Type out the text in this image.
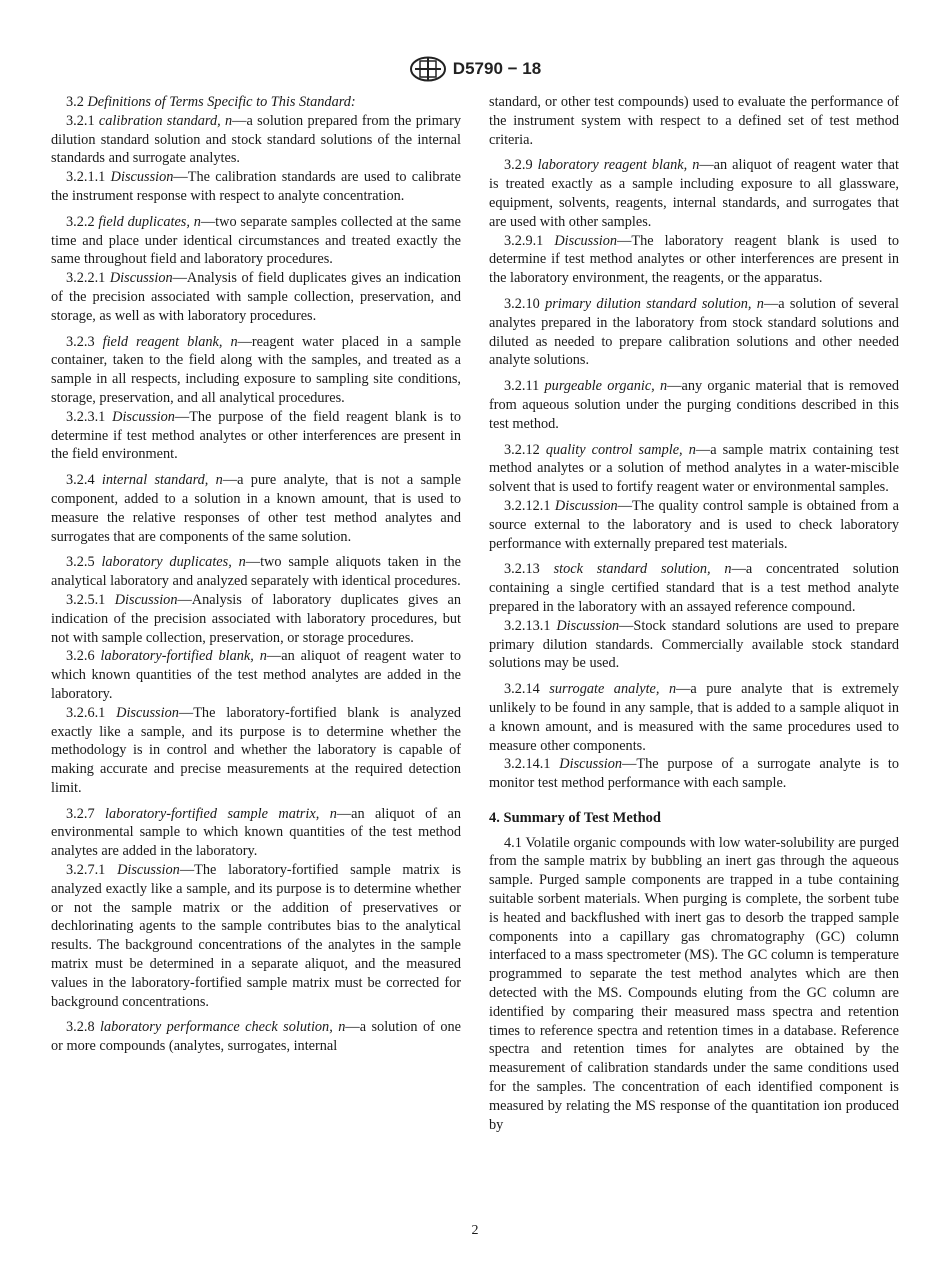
D5790 − 18

3.2 Definitions of Terms Specific to This Standard:

3.2.1 calibration standard, n—a solution prepared from the primary dilution standard solution and stock standard solutions of the internal standards and surrogate analytes.

3.2.1.1 Discussion—The calibration standards are used to calibrate the instrument response with respect to analyte concentration.

3.2.2 field duplicates, n—two separate samples collected at the same time and place under identical circumstances and treated exactly the same throughout field and laboratory procedures.

3.2.2.1 Discussion—Analysis of field duplicates gives an indication of the precision associated with sample collection, preservation, and storage, as well as with laboratory procedures.

3.2.3 field reagent blank, n—reagent water placed in a sample container, taken to the field along with the samples, and treated as a sample in all respects, including exposure to sampling site conditions, storage, preservation, and all analytical procedures.

3.2.3.1 Discussion—The purpose of the field reagent blank is to determine if test method analytes or other interferences are present in the field environment.

3.2.4 internal standard, n—a pure analyte, that is not a sample component, added to a solution in a known amount, that is used to measure the relative responses of other test method analytes and surrogates that are components of the same solution.

3.2.5 laboratory duplicates, n—two sample aliquots taken in the analytical laboratory and analyzed separately with identical procedures.

3.2.5.1 Discussion—Analysis of laboratory duplicates gives an indication of the precision associated with laboratory procedures, but not with sample collection, preservation, or storage procedures.

3.2.6 laboratory-fortified blank, n—an aliquot of reagent water to which known quantities of the test method analytes are added in the laboratory.

3.2.6.1 Discussion—The laboratory-fortified blank is analyzed exactly like a sample, and its purpose is to determine whether the methodology is in control and whether the laboratory is capable of making accurate and precise measurements at the required detection limit.

3.2.7 laboratory-fortified sample matrix, n—an aliquot of an environmental sample to which known quantities of the test method analytes are added in the laboratory.

3.2.7.1 Discussion—The laboratory-fortified sample matrix is analyzed exactly like a sample, and its purpose is to determine whether or not the sample matrix or the addition of preservatives or dechlorinating agents to the sample contributes bias to the analytical results. The background concentrations of the analytes in the sample matrix must be determined in a separate aliquot, and the measured values in the laboratory-fortified sample matrix must be corrected for background concentrations.

3.2.8 laboratory performance check solution, n—a solution of one or more compounds (analytes, surrogates, internal

standard, or other test compounds) used to evaluate the performance of the instrument system with respect to a defined set of test method criteria.

3.2.9 laboratory reagent blank, n—an aliquot of reagent water that is treated exactly as a sample including exposure to all glassware, equipment, solvents, reagents, internal standards, and surrogates that are used with other samples.

3.2.9.1 Discussion—The laboratory reagent blank is used to determine if test method analytes or other interferences are present in the laboratory environment, the reagents, or the apparatus.

3.2.10 primary dilution standard solution, n—a solution of several analytes prepared in the laboratory from stock standard solutions and diluted as needed to prepare calibration solutions and other needed analyte solutions.

3.2.11 purgeable organic, n—any organic material that is removed from aqueous solution under the purging conditions described in this test method.

3.2.12 quality control sample, n—a sample matrix containing test method analytes or a solution of method analytes in a water-miscible solvent that is used to fortify reagent water or environmental samples.

3.2.12.1 Discussion—The quality control sample is obtained from a source external to the laboratory and is used to check laboratory performance with externally prepared test materials.

3.2.13 stock standard solution, n—a concentrated solution containing a single certified standard that is a test method analyte prepared in the laboratory with an assayed reference compound.

3.2.13.1 Discussion—Stock standard solutions are used to prepare primary dilution standards. Commercially available stock standard solutions may be used.

3.2.14 surrogate analyte, n—a pure analyte that is extremely unlikely to be found in any sample, that is added to a sample aliquot in a known amount, and is measured with the same procedures used to measure other components.

3.2.14.1 Discussion—The purpose of a surrogate analyte is to monitor test method performance with each sample.

4. Summary of Test Method

4.1 Volatile organic compounds with low water-solubility are purged from the sample matrix by bubbling an inert gas through the aqueous sample. Purged sample components are trapped in a tube containing suitable sorbent materials. When purging is complete, the sorbent tube is heated and backflushed with inert gas to desorb the trapped sample components into a capillary gas chromatography (GC) column interfaced to a mass spectrometer (MS). The GC column is temperature programmed to separate the test method analytes which are then detected with the MS. Compounds eluting from the GC column are identified by comparing their measured mass spectra and retention times to reference spectra and retention times in a database. Reference spectra and retention times for analytes are obtained by the measurement of calibration standards under the same conditions used for the samples. The concentration of each identified component is measured by relating the MS response of the quantitation ion produced by

2
